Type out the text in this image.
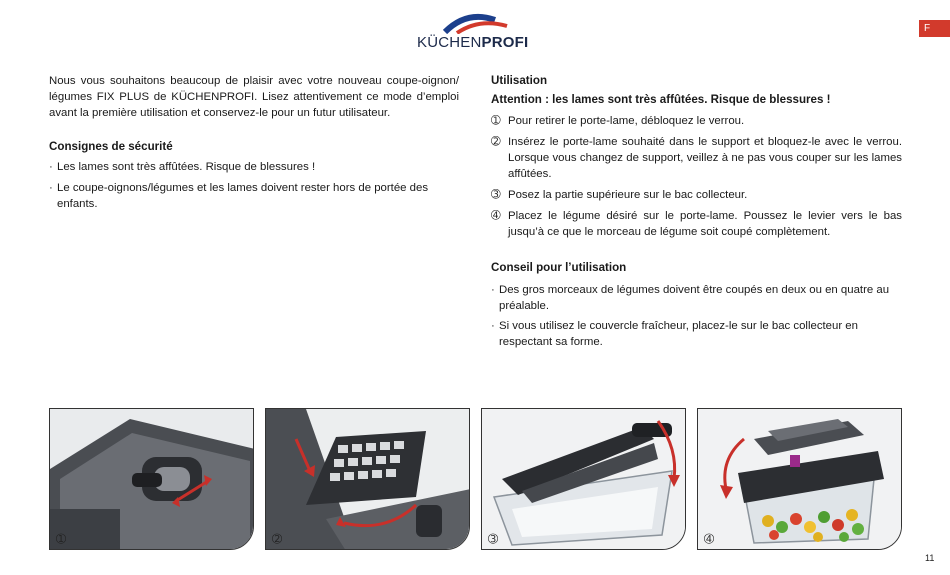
KÜCHENPROFI
F

Nous vous souhaitons beaucoup de plaisir avec votre nouveau coupe-oignon/ légumes FIX PLUS de KÜCHENPROFI. Lisez attentivement ce mode d’emploi avant la première utilisation et conservez-le pour un futur utilisateur.

Consignes de sécurité

· Les lames sont très affûtées. Risque de blessures !

· Le coupe-oignons/légumes et les lames doivent rester hors de portée des enfants.

Utilisation

Attention : les lames sont très affûtées. Risque de blessures !

➀ Pour retirer le porte-lame, débloquez le verrou.
➁ Insérez le porte-lame souhaité dans le support et bloquez-le avec le verrou. Lorsque vous changez de support, veillez à ne pas vous couper sur les lames affûtées.
➂ Posez la partie supérieure sur le bac collecteur.
➃ Placez le légume désiré sur le porte-lame. Poussez le levier vers le bas jusqu’à ce que le morceau de légume soit coupé complètement.
Conseil pour l’utilisation

· Des gros morceaux de légumes doivent être coupés en deux ou en quatre au préalable.

· Si vous utilisez le couvercle fraîcheur, placez-le sur le bac collecteur en respectant sa forme.

➀	➁	➂	➃
11
